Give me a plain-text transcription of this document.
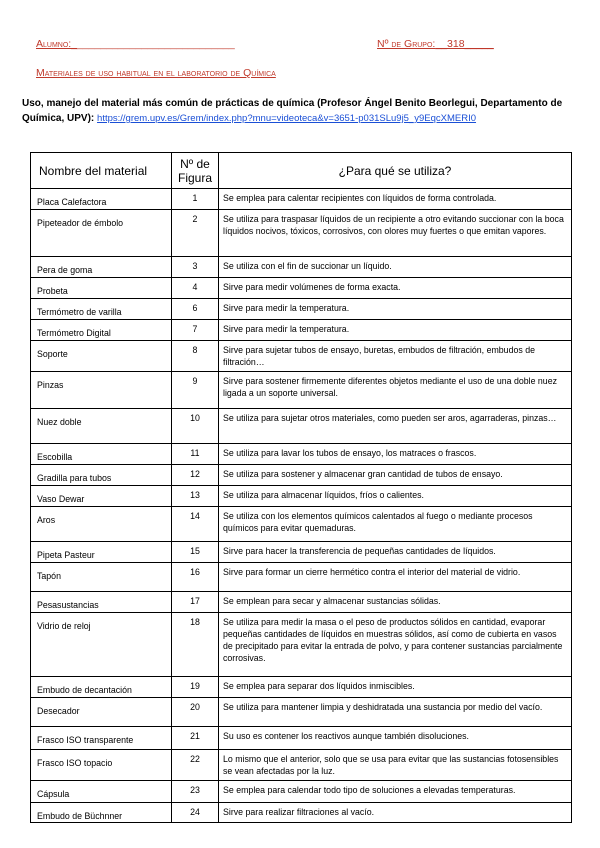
Alumno:____________________________	Nº de Grupo:__318_____
Materiales de uso habitual en el laboratorio de Química
Uso, manejo del material más común de prácticas de química (Profesor Ángel Benito Beorlegui, Departamento de Química, UPV): https://grem.upv.es/Grem/index.php?mnu=videoteca&v=3651-p031SLu9j5_y9EqcXMERI0
Nombre del material	Nº de Figura	¿Para qué se utiliza?
Placa Calefactora	1	Se emplea para calentar recipientes con líquidos de forma controlada.
Pipeteador de émbolo	2	Se utiliza para traspasar líquidos de un recipiente a otro evitando succionar con la boca líquidos nocivos, tóxicos, corrosivos, con olores muy fuertes o que emitan vapores.
Pera de goma	3	Se utiliza con el fin de succionar un líquido.
Probeta	4	Sirve para medir volúmenes de forma exacta.
Termómetro de varilla	6	Sirve para medir la temperatura.
Termómetro Digital	7	Sirve para medir la temperatura.
Soporte	8	Sirve para sujetar tubos de ensayo, buretas, embudos de filtración, embudos de filtración…
Pinzas	9	Sirve para sostener firmemente diferentes objetos mediante el uso de una doble nuez ligada a un soporte universal.
Nuez doble	10	Se utiliza para sujetar otros materiales, como pueden ser aros, agarraderas, pinzas…
Escobilla	11	Se utiliza para lavar los tubos de ensayo, los matraces o frascos.
Gradilla para tubos	12	Se utiliza para sostener y almacenar gran cantidad de tubos de ensayo.
Vaso Dewar	13	Se utiliza para almacenar líquidos, fríos o calientes.
Aros	14	Se utiliza con los elementos químicos calentados al fuego o mediante procesos químicos para evitar quemaduras.
Pipeta Pasteur	15	Sirve para hacer la transferencia de pequeñas cantidades de líquidos.
Tapón	16	Sirve para formar un cierre hermético contra el interior del material de vidrio.
Pesasustancias	17	Se emplean para secar y almacenar sustancias sólidas.
Vidrio de reloj	18	Se utiliza para medir la masa o el peso de productos sólidos en cantidad, evaporar pequeñas cantidades de líquidos en muestras sólidos, así como de cubierta en vasos de precipitado para evitar la entrada de polvo, y para contener sustancias parcialmente corrosivas.
Embudo de decantación	19	Se emplea para separar dos líquidos inmiscibles.
Desecador	20	Se utiliza para mantener limpia y deshidratada una sustancia por medio del vacío.
Frasco ISO transparente	21	Su uso es contener los reactivos aunque también disoluciones.
Frasco ISO topacio	22	Lo mismo que el anterior, solo que se usa para evitar que las sustancias fotosensibles se vean afectadas por la luz.
Cápsula	23	Se emplea para calendar todo tipo de soluciones a elevadas temperaturas.
Embudo de Büchnner	24	Sirve para realizar filtraciones al vacío.
